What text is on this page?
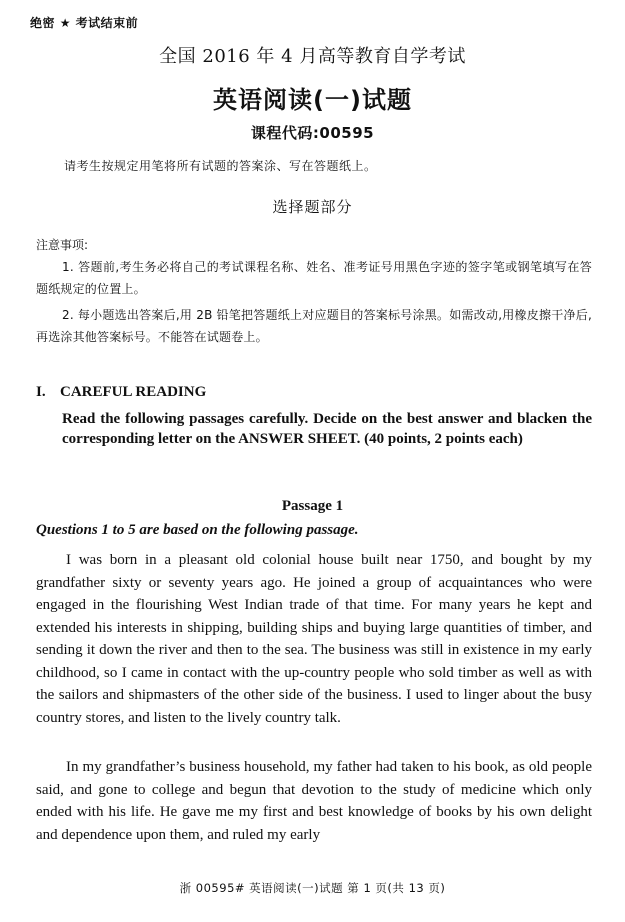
绝密 ★ 考试结束前
全国 2016 年 4 月高等教育自学考试
英语阅读(一)试题
课程代码:00595
请考生按规定用笔将所有试题的答案涂、写在答题纸上。
选择题部分
注意事项:
1. 答题前,考生务必将自己的考试课程名称、姓名、准考证号用黑色字迹的签字笔或钢笔填写在答题纸规定的位置上。
2. 每小题选出答案后,用 2B 铅笔把答题纸上对应题目的答案标号涂黑。如需改动,用橡皮擦干净后,再选涂其他答案标号。不能答在试题卷上。
I. CAREFUL READING
Read the following passages carefully. Decide on the best answer and blacken the corresponding letter on the ANSWER SHEET. (40 points, 2 points each)
Passage 1
Questions 1 to 5 are based on the following passage.
I was born in a pleasant old colonial house built near 1750, and bought by my grandfather sixty or seventy years ago. He joined a group of acquaintances who were engaged in the flourishing West Indian trade of that time. For many years he kept and extended his interests in shipping, building ships and buying large quantities of timber, and sending it down the river and then to the sea. The business was still in existence in my early childhood, so I came in contact with the up-country people who sold timber as well as with the sailors and shipmasters of the other side of the business. I used to linger about the busy country stores, and listen to the lively country talk.
In my grandfather’s business household, my father had taken to his book, as old people said, and gone to college and begun that devotion to the study of medicine which only ended with his life. He gave me my first and best knowledge of books by his own delight and dependence upon them, and ruled my early
浙 00595# 英语阅读(一)试题 第 1 页(共 13 页)
